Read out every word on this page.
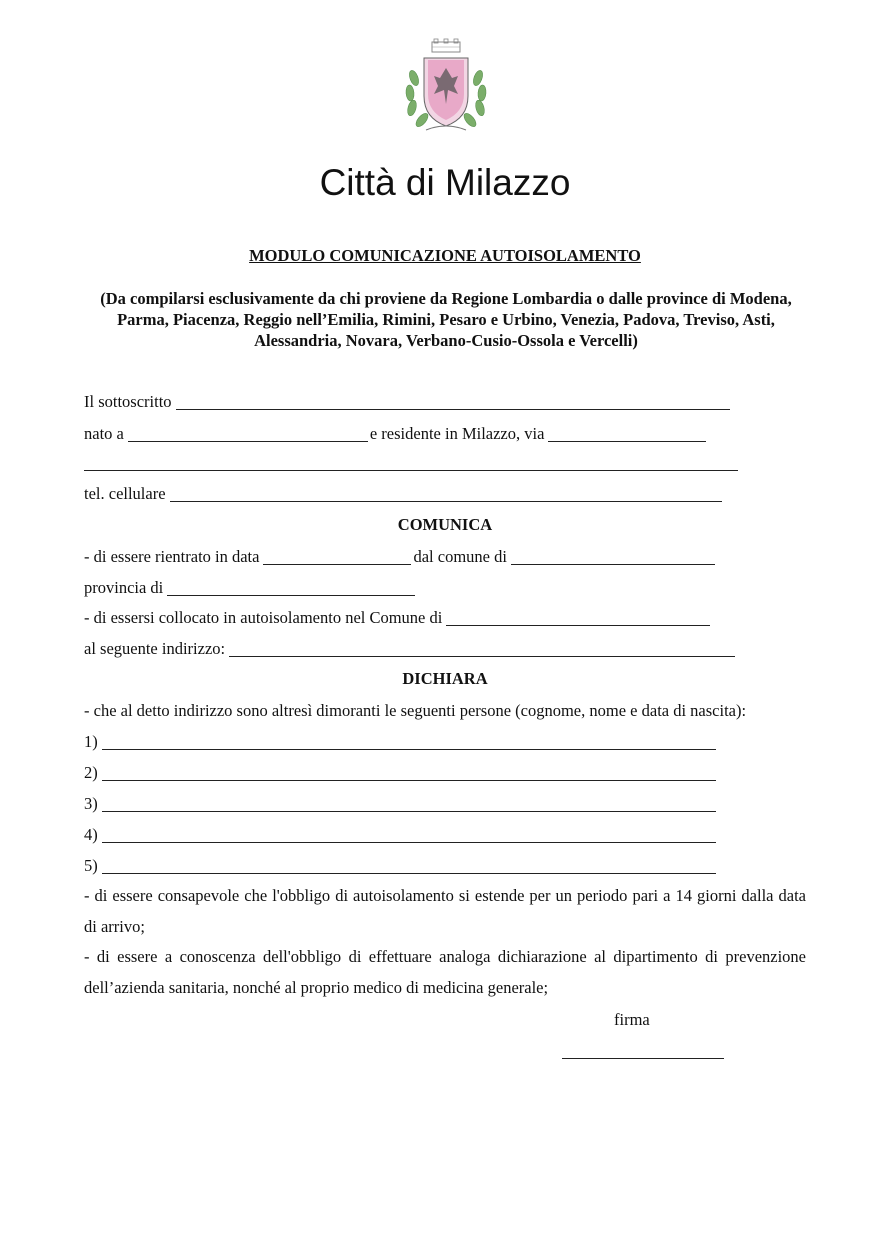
Città di Milazzo
MODULO COMUNICAZIONE AUTOISOLAMENTO
(Da compilarsi esclusivamente da chi proviene da Regione Lombardia o dalle province di Modena, Parma, Piacenza, Reggio nell’Emilia, Rimini, Pesaro e Urbino, Venezia, Padova, Treviso, Asti, Alessandria, Novara, Verbano-Cusio-Ossola e Vercelli)
Il sottoscritto
nato a	e residente in Milazzo, via
tel. cellulare
COMUNICA
- di essere rientrato in data	dal comune di
provincia di
- di essersi collocato in autoisolamento nel Comune di
al seguente indirizzo:
DICHIARA
- che al detto indirizzo sono altresì dimoranti le seguenti persone (cognome, nome e data di nascita):
1)
2)
3)
4)
5)
- di essere consapevole che l'obbligo di autoisolamento si estende per un periodo pari a 14 giorni dalla data di arrivo;
- di essere a conoscenza dell'obbligo di effettuare analoga dichiarazione al dipartimento di prevenzione dell’azienda sanitaria, nonché al proprio medico di medicina generale;
firma
